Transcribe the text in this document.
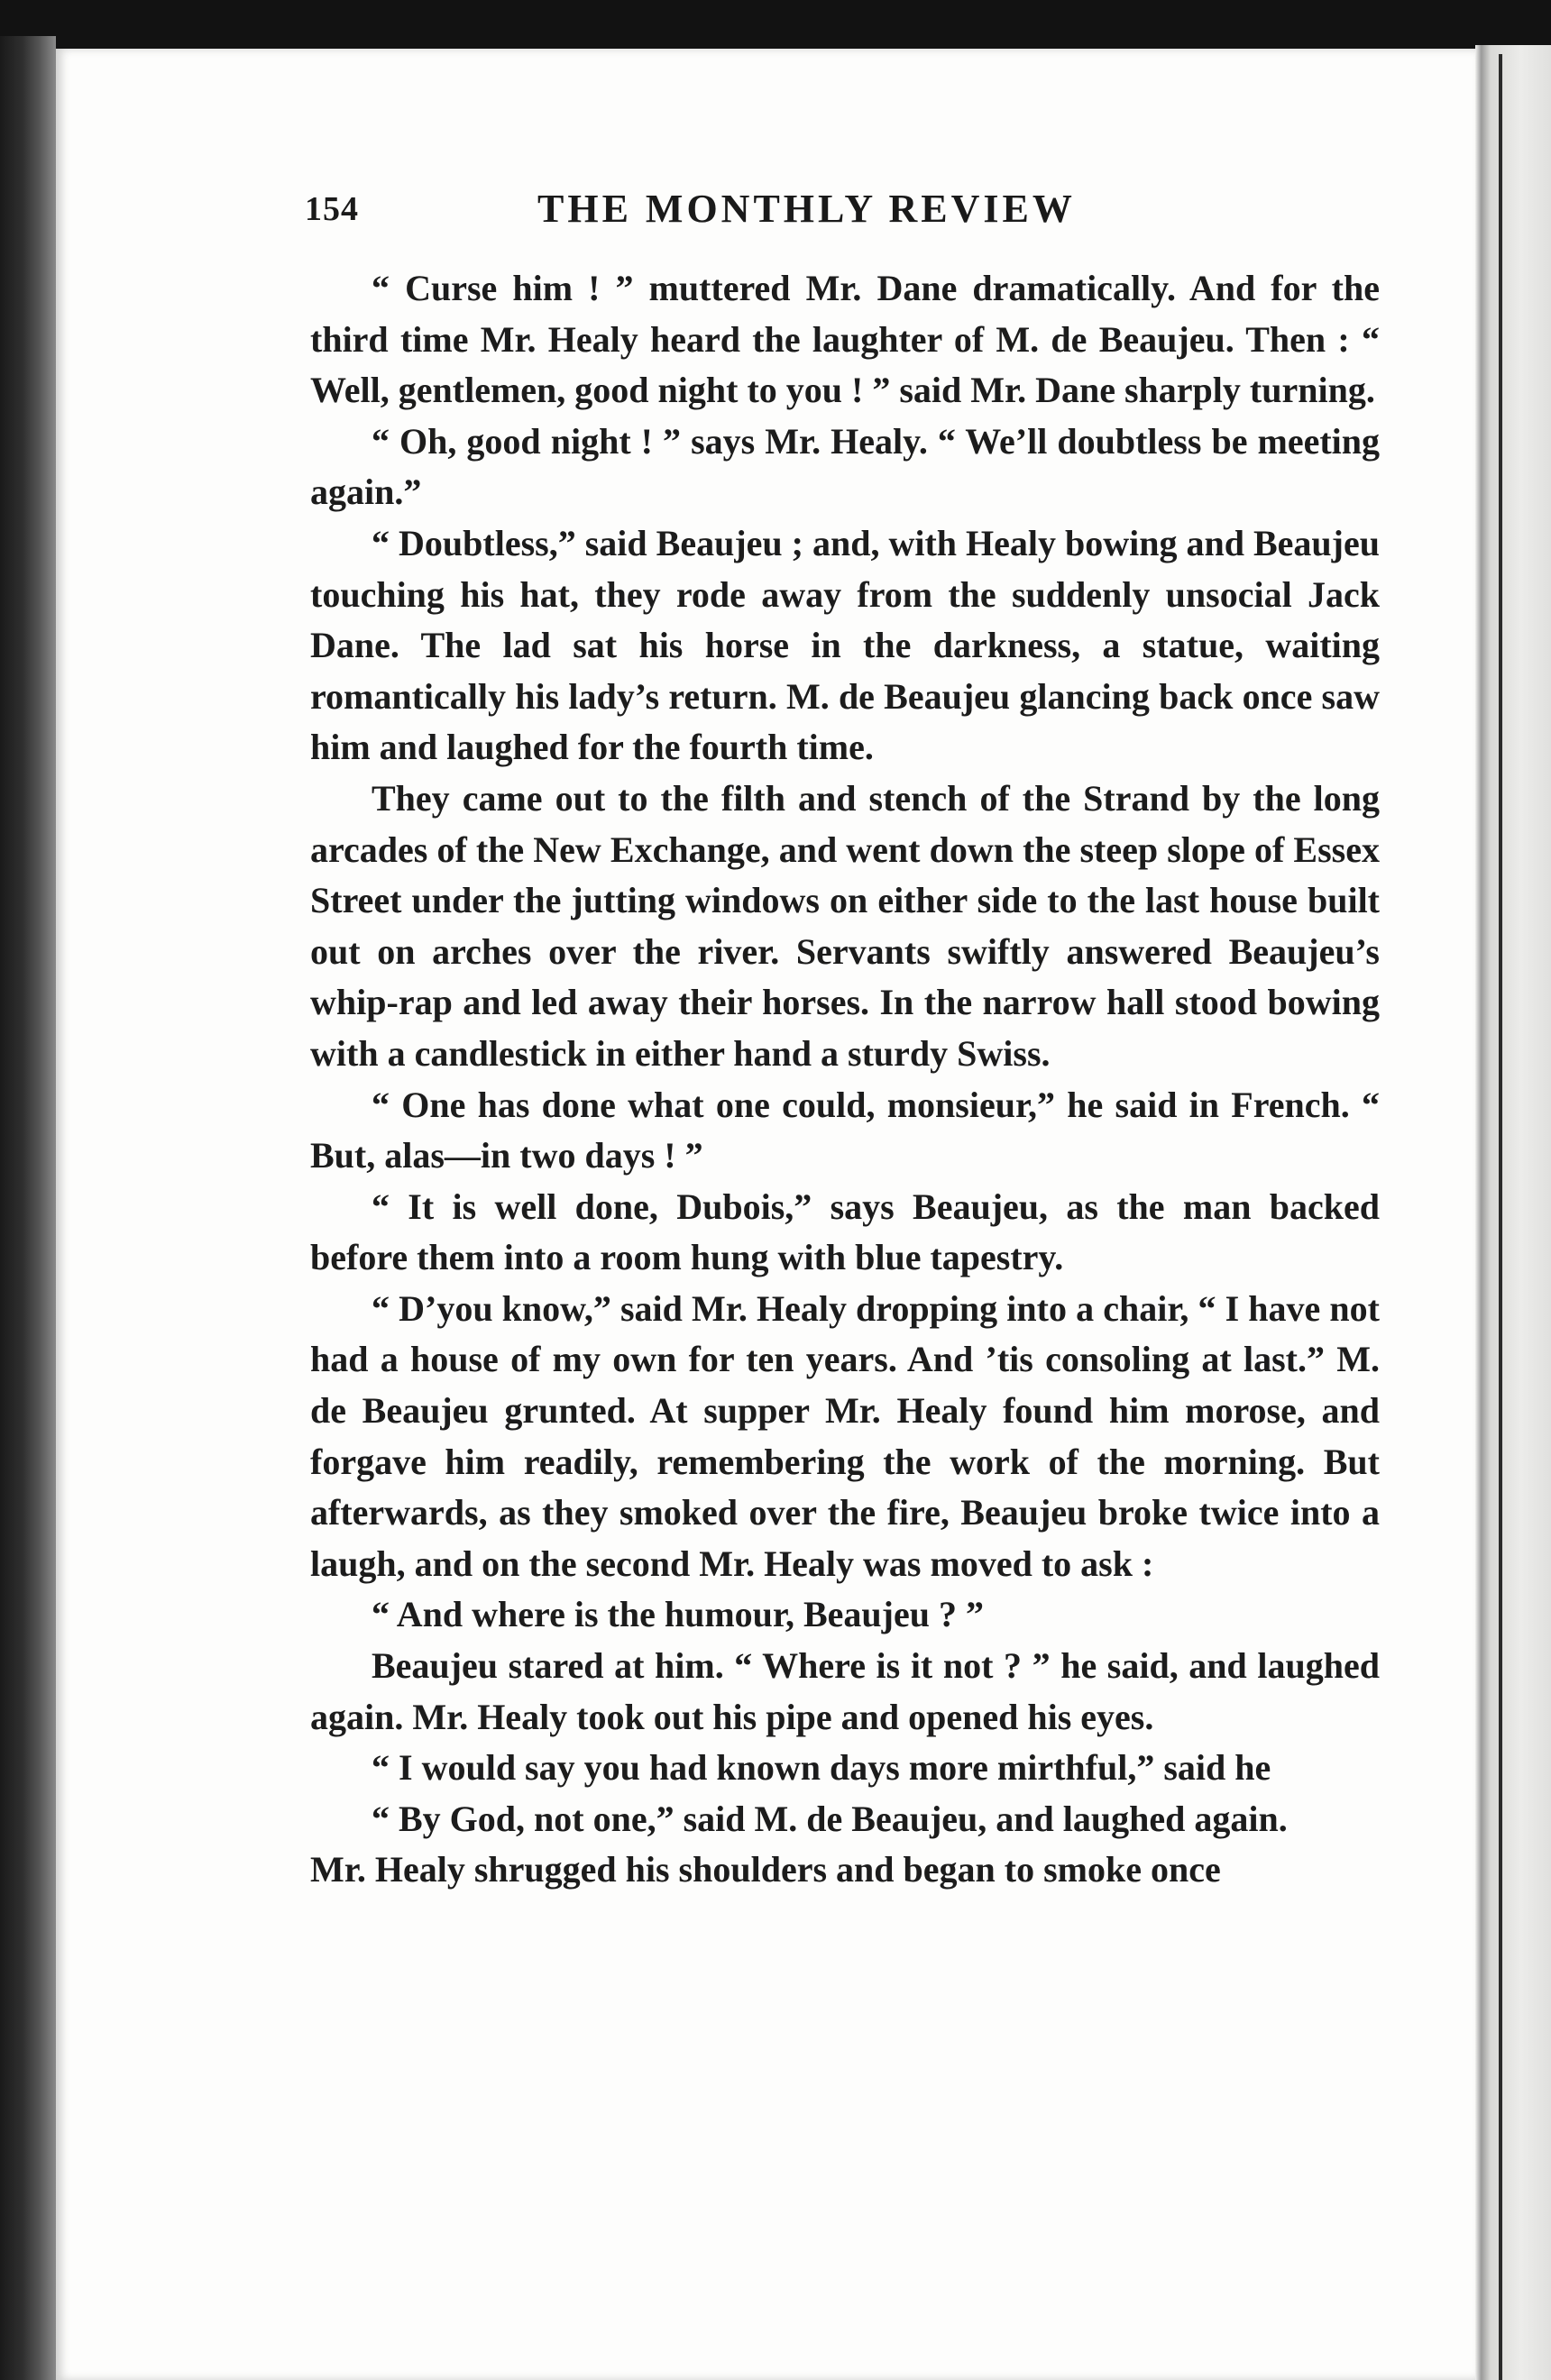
154	THE MONTHLY REVIEW

“ Curse him ! ” muttered Mr. Dane dramatically. And for the third time Mr. Healy heard the laughter of M. de Beaujeu. Then : “ Well, gentlemen, good night to you ! ” said Mr. Dane sharply turning.

“ Oh, good night ! ” says Mr. Healy. “ We’ll doubtless be meeting again.”

“ Doubtless,” said Beaujeu ; and, with Healy bowing and Beaujeu touching his hat, they rode away from the suddenly unsocial Jack Dane. The lad sat his horse in the darkness, a statue, waiting romantically his lady’s return. M. de Beaujeu glancing back once saw him and laughed for the fourth time.

They came out to the filth and stench of the Strand by the long arcades of the New Exchange, and went down the steep slope of Essex Street under the jutting windows on either side to the last house built out on arches over the river. Servants swiftly answered Beaujeu’s whip-rap and led away their horses. In the narrow hall stood bowing with a candlestick in either hand a sturdy Swiss.

“ One has done what one could, monsieur,” he said in French. “ But, alas—in two days ! ”

“ It is well done, Dubois,” says Beaujeu, as the man backed before them into a room hung with blue tapestry.

“ D’you know,” said Mr. Healy dropping into a chair, “ I have not had a house of my own for ten years. And ’tis consoling at last.” M. de Beaujeu grunted. At supper Mr. Healy found him morose, and forgave him readily, remembering the work of the morning. But afterwards, as they smoked over the fire, Beaujeu broke twice into a laugh, and on the second Mr. Healy was moved to ask :

“ And where is the humour, Beaujeu ? ”

Beaujeu stared at him. “ Where is it not ? ” he said, and laughed again. Mr. Healy took out his pipe and opened his eyes.

“ I would say you had known days more mirthful,” said he

“ By God, not one,” said M. de Beaujeu, and laughed again.

Mr. Healy shrugged his shoulders and began to smoke once
